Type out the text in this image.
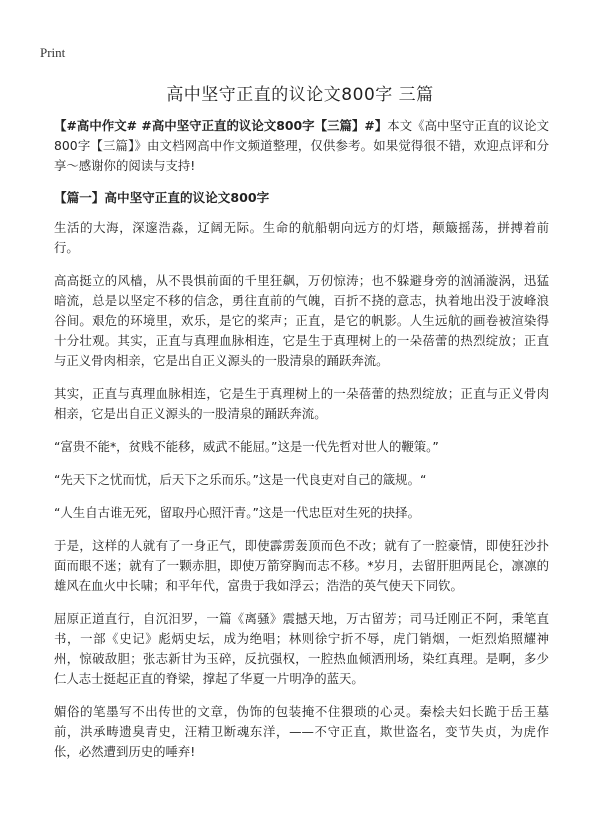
Print
高中坚守正直的议论文800字 三篇

【#高中作文# #高中坚守正直的议论文800字【三篇】#】本文《高中坚守正直的议论文800字【三篇】》由文档网高中作文频道整理，仅供参考。如果觉得很不错，欢迎点评和分享～感谢你的阅读与支持!

【篇一】高中坚守正直的议论文800字

生活的大海，深邃浩淼，辽阔无际。生命的航船朝向远方的灯塔，颠簸摇荡，拼搏着前行。

高高挺立的风樯，从不畏惧前面的千里狂飙，万仞惊涛；也不躲避身旁的汹涌漩涡，迅猛暗流，总是以坚定不移的信念，勇往直前的气魄，百折不挠的意志，执着地出没于波峰浪谷间。艰危的环境里，欢乐，是它的桨声；正直，是它的帆影。人生远航的画卷被渲染得十分壮观。其实，正直与真理血脉相连，它是生于真理树上的一朵蓓蕾的热烈绽放；正直与正义骨肉相亲，它是出自正义源头的一股清泉的踊跃奔流。

其实，正直与真理血脉相连，它是生于真理树上的一朵蓓蕾的热烈绽放；正直与正义骨肉相亲，它是出自正义源头的一股清泉的踊跃奔流。

“富贵不能*，贫贱不能移，威武不能屈。”这是一代先哲对世人的鞭策。”

“先天下之忧而忧，后天下之乐而乐。”这是一代良吏对自己的箴规。“

“人生自古谁无死，留取丹心照汗青。”这是一代忠臣对生死的抉择。

于是，这样的人就有了一身正气，即使霹雳轰顶而色不改；就有了一腔豪情，即使狂沙扑面而眼不迷；就有了一颗赤胆，即使万箭穿胸而志不移。*岁月，去留肝胆两昆仑，凛凛的雄风在血火中长啸；和平年代，富贵于我如浮云；浩浩的英气使天下同钦。

屈原正道直行，自沉汨罗，一篇《离骚》震撼天地，万古留芳；司马迁刚正不阿，秉笔直书，一部《史记》彪炳史坛，成为绝唱；林则徐宁折不辱，虎门销烟，一炬烈焰照耀神州，惊破敌胆；张志新甘为玉碎，反抗强权，一腔热血倾洒刑场，染红真理。是啊，多少仁人志士挺起正直的脊梁，撑起了华夏一片明净的蓝天。

媚俗的笔墨写不出传世的文章，伪饰的包装掩不住猥琐的心灵。秦桧夫妇长跪于岳王墓前，洪承畴遗臭青史，汪精卫断魂东洋，——不守正直，欺世盗名，变节失贞，为虎作伥，必然遭到历史的唾弃!
